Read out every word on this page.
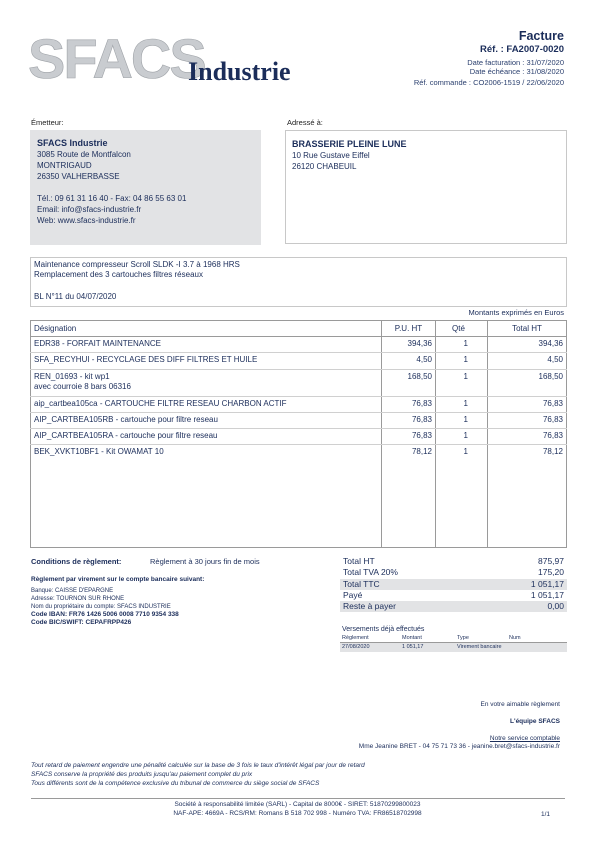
SFACS
Industrie
Facture
Réf. : FA2007-0020
Date facturation : 31/07/2020
Date échéance : 31/08/2020
Réf. commande : CO2006-1519 / 22/06/2020
Émetteur:
SFACS Industrie
3085 Route de Montfalcon
MONTRIGAUD
26350 VALHERBASSE
Tél.: 09 61 31 16 40 - Fax: 04 86 55 63 01
Email: info@sfacs-industrie.fr
Web: www.sfacs-industrie.fr
Adressé à:
BRASSERIE PLEINE LUNE
10 Rue Gustave Eiffel
26120 CHABEUIL
Maintenance compresseur Scroll SLDK -I 3.7 à 1968 HRS
Remplacement des 3 cartouches filtres réseaux
BL N°11 du 04/07/2020
Montants exprimés en Euros
Désignation	P.U. HT	Qté	Total HT
EDR38 - FORFAIT MAINTENANCE	394,36	1	394,36
SFA_RECYHUI - RECYCLAGE DES DIFF FILTRES ET HUILE	4,50	1	4,50

REN_01693 - kit wp1
avec courroie 8 bars 06316	168,50	1	168,50
aip_cartbea105ca - CARTOUCHE FILTRE RESEAU CHARBON ACTIF	76,83	1	76,83
AIP_CARTBEA105RB - cartouche pour filtre reseau	76,83	1	76,83
AIP_CARTBEA105RA - cartouche pour filtre reseau	76,83	1	76,83
BEK_XVKT10BF1 - Kit OWAMAT 10	78,12	1	78,12
Conditions de règlement:	Règlement à 30 jours fin de mois
Règlement par virement sur le compte bancaire suivant:
Banque: CAISSE D'EPARGNE
Adresse: TOURNON SUR RHONE
Nom du propriétaire du compte: SFACS INDUSTRIE
Code IBAN: FR76 1426 5006 0008 7710 9354 338
Code BIC/SWIFT: CEPAFRPP426
Total HT	875,97
Total TVA 20%	175,20
Total TTC	1 051,17
Payé	1 051,17
Reste à payer	0,00
Versements déjà effectués
Règlement	Montant	Type	Num
27/08/2020	1 051,17	Virement bancaire	
En votre aimable règlement
L'équipe SFACS
Notre service comptable
Mme Jeanine BRET - 04 75 71 73 36 - jeanine.bret@sfacs-industrie.fr
Tout retard de paiement engendre une pénalité calculée sur la base de 3 fois le taux d'intérêt légal par jour de retard
SFACS conserve la propriété des produits jusqu'au paiement complet du prix
Tous différents sont de la compétence exclusive du tribunal de commerce du siège social de SFACS
Société à responsabilité limitée (SARL) - Capital de 8000€ - SIRET: 51870299800023
NAF-APE: 4669A - RCS/RM: Romans B 518 702 998 - Numéro TVA: FR86518702998	1/1
